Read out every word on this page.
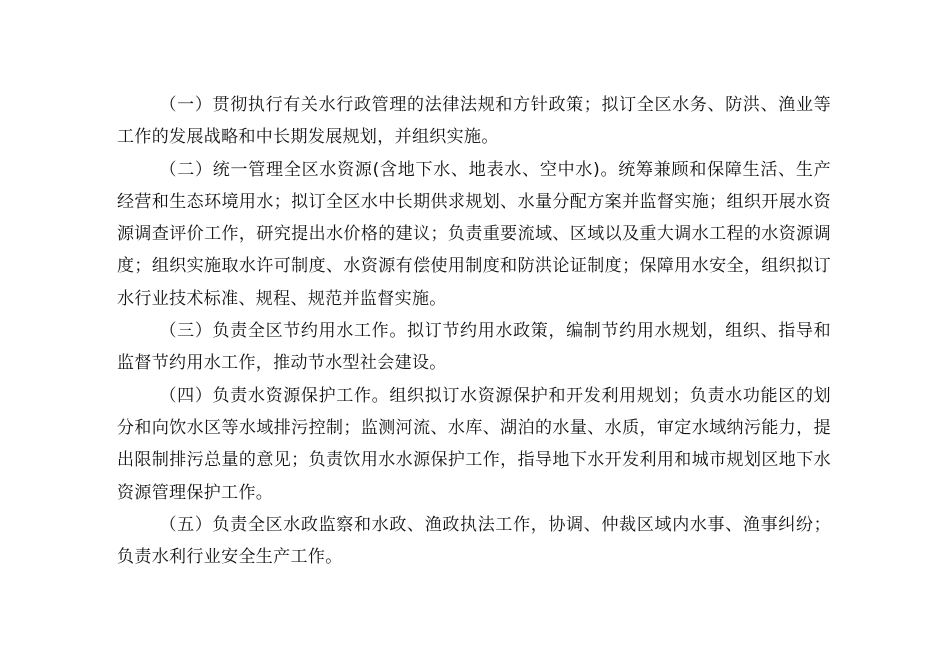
（一）贯彻执行有关水行政管理的法律法规和方针政策；拟订全区水务、防洪、渔业等工作的发展战略和中长期发展规划，并组织实施。

（二）统一管理全区水资源(含地下水、地表水、空中水)。统筹兼顾和保障生活、生产经营和生态环境用水；拟订全区水中长期供求规划、水量分配方案并监督实施；组织开展水资源调查评价工作，研究提出水价格的建议；负责重要流域、区域以及重大调水工程的水资源调度；组织实施取水许可制度、水资源有偿使用制度和防洪论证制度；保障用水安全，组织拟订水行业技术标准、规程、规范并监督实施。

（三）负责全区节约用水工作。拟订节约用水政策，编制节约用水规划，组织、指导和监督节约用水工作，推动节水型社会建设。

（四）负责水资源保护工作。组织拟订水资源保护和开发利用规划；负责水功能区的划分和向饮水区等水域排污控制；监测河流、水库、湖泊的水量、水质，审定水域纳污能力，提出限制排污总量的意见；负责饮用水水源保护工作，指导地下水开发利用和城市规划区地下水资源管理保护工作。

（五）负责全区水政监察和水政、渔政执法工作，协调、仲裁区域内水事、渔事纠纷；负责水利行业安全生产工作。
